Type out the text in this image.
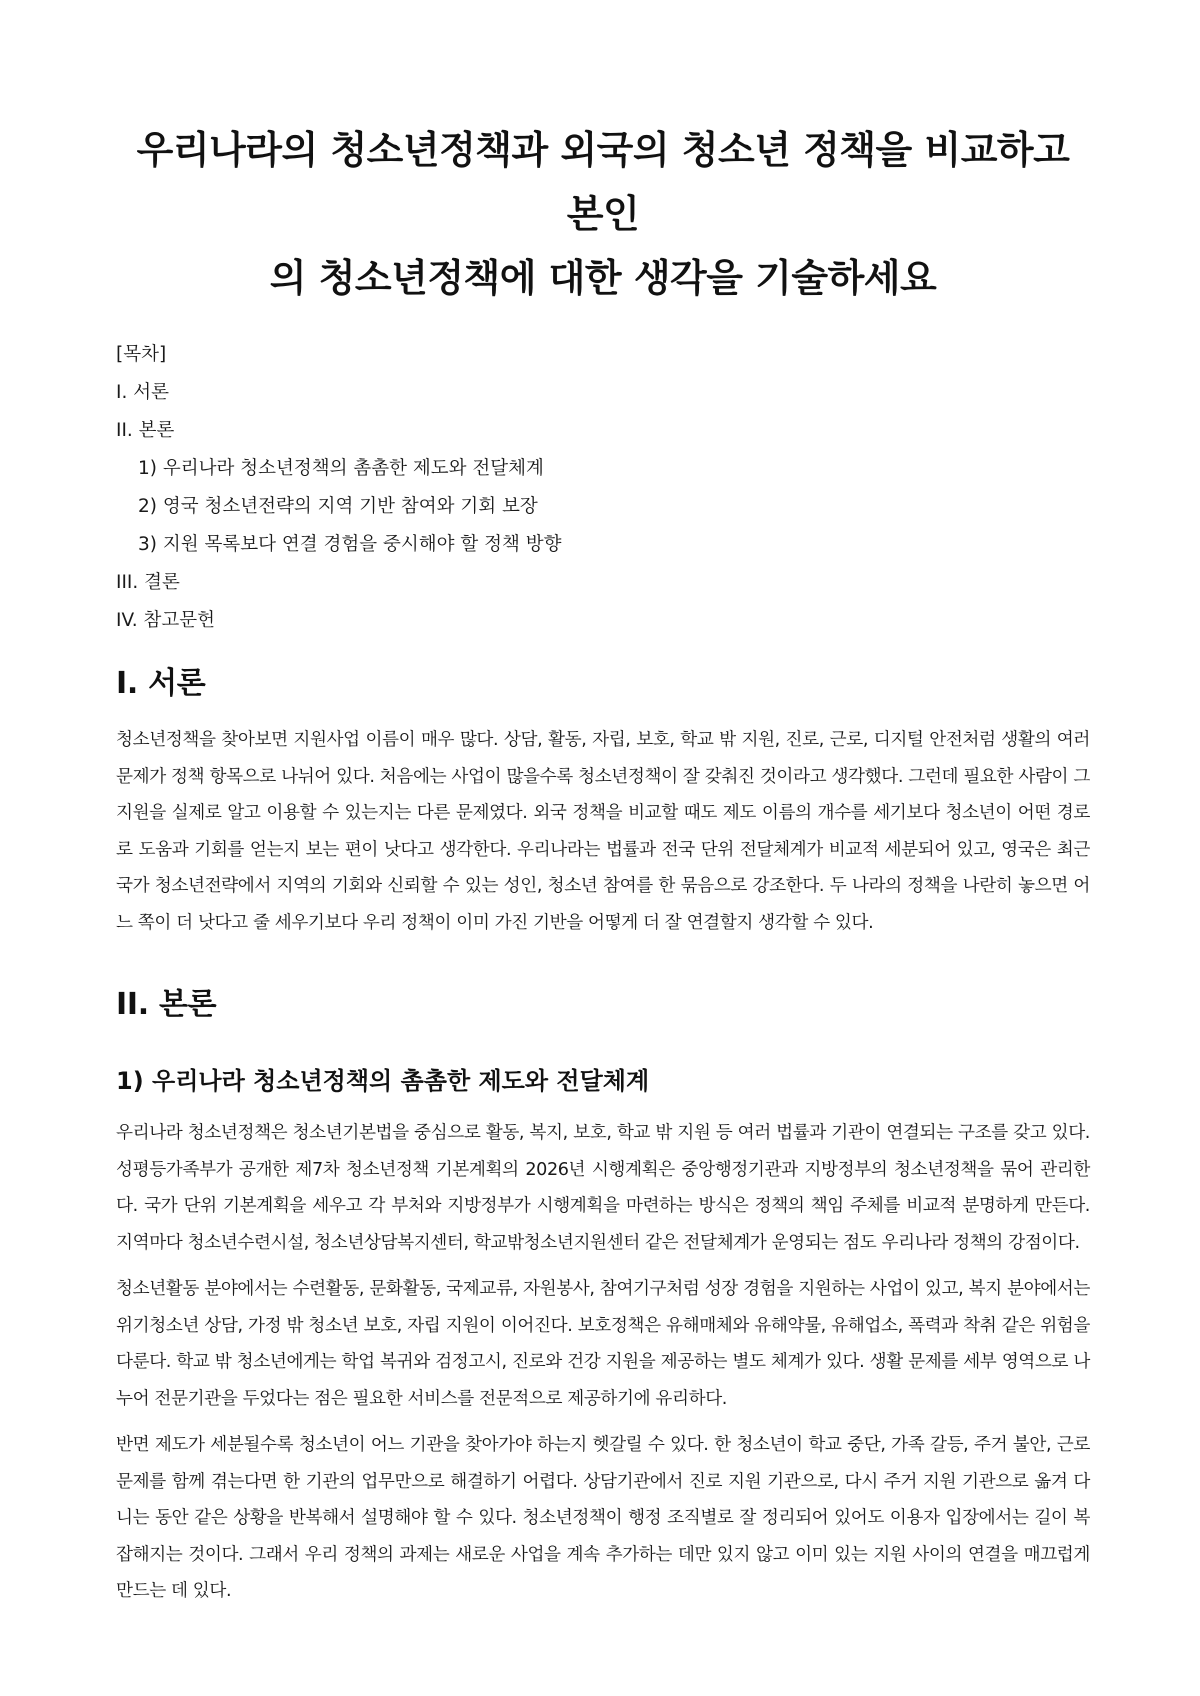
우리나라의 청소년정책과 외국의 청소년 정책을 비교하고 본인
의 청소년정책에 대한 생각을 기술하세요
[목차]
I. 서론
II. 본론
1) 우리나라 청소년정책의 촘촘한 제도와 전달체계
2) 영국 청소년전략의 지역 기반 참여와 기회 보장
3) 지원 목록보다 연결 경험을 중시해야 할 정책 방향
III. 결론
IV. 참고문헌
I. 서론

청소년정책을 찾아보면 지원사업 이름이 매우 많다. 상담, 활동, 자립, 보호, 학교 밖 지원, 진로, 근로, 디지털 안전처럼 생활의 여러 문제가 정책 항목으로 나뉘어 있다. 처음에는 사업이 많을수록 청소년정책이 잘 갖춰진 것이라고 생각했다. 그런데 필요한 사람이 그 지원을 실제로 알고 이용할 수 있는지는 다른 문제였다. 외국 정책을 비교할 때도 제도 이름의 개수를 세기보다 청소년이 어떤 경로로 도움과 기회를 얻는지 보는 편이 낫다고 생각한다. 우리나라는 법률과 전국 단위 전달체계가 비교적 세분되어 있고, 영국은 최근 국가 청소년전략에서 지역의 기회와 신뢰할 수 있는 성인, 청소년 참여를 한 묶음으로 강조한다. 두 나라의 정책을 나란히 놓으면 어느 쪽이 더 낫다고 줄 세우기보다 우리 정책이 이미 가진 기반을 어떻게 더 잘 연결할지 생각할 수 있다.

II. 본론
1) 우리나라 청소년정책의 촘촘한 제도와 전달체계

우리나라 청소년정책은 청소년기본법을 중심으로 활동, 복지, 보호, 학교 밖 지원 등 여러 법률과 기관이 연결되는 구조를 갖고 있다. 성평등가족부가 공개한 제7차 청소년정책 기본계획의 2026년 시행계획은 중앙행정기관과 지방정부의 청소년정책을 묶어 관리한다. 국가 단위 기본계획을 세우고 각 부처와 지방정부가 시행계획을 마련하는 방식은 정책의 책임 주체를 비교적 분명하게 만든다. 지역마다 청소년수련시설, 청소년상담복지센터, 학교밖청소년지원센터 같은 전달체계가 운영되는 점도 우리나라 정책의 강점이다.

청소년활동 분야에서는 수련활동, 문화활동, 국제교류, 자원봉사, 참여기구처럼 성장 경험을 지원하는 사업이 있고, 복지 분야에서는 위기청소년 상담, 가정 밖 청소년 보호, 자립 지원이 이어진다. 보호정책은 유해매체와 유해약물, 유해업소, 폭력과 착취 같은 위험을 다룬다. 학교 밖 청소년에게는 학업 복귀와 검정고시, 진로와 건강 지원을 제공하는 별도 체계가 있다. 생활 문제를 세부 영역으로 나누어 전문기관을 두었다는 점은 필요한 서비스를 전문적으로 제공하기에 유리하다.

반면 제도가 세분될수록 청소년이 어느 기관을 찾아가야 하는지 헷갈릴 수 있다. 한 청소년이 학교 중단, 가족 갈등, 주거 불안, 근로 문제를 함께 겪는다면 한 기관의 업무만으로 해결하기 어렵다. 상담기관에서 진로 지원 기관으로, 다시 주거 지원 기관으로 옮겨 다니는 동안 같은 상황을 반복해서 설명해야 할 수 있다. 청소년정책이 행정 조직별로 잘 정리되어 있어도 이용자 입장에서는 길이 복잡해지는 것이다. 그래서 우리 정책의 과제는 새로운 사업을 계속 추가하는 데만 있지 않고 이미 있는 지원 사이의 연결을 매끄럽게 만드는 데 있다.
